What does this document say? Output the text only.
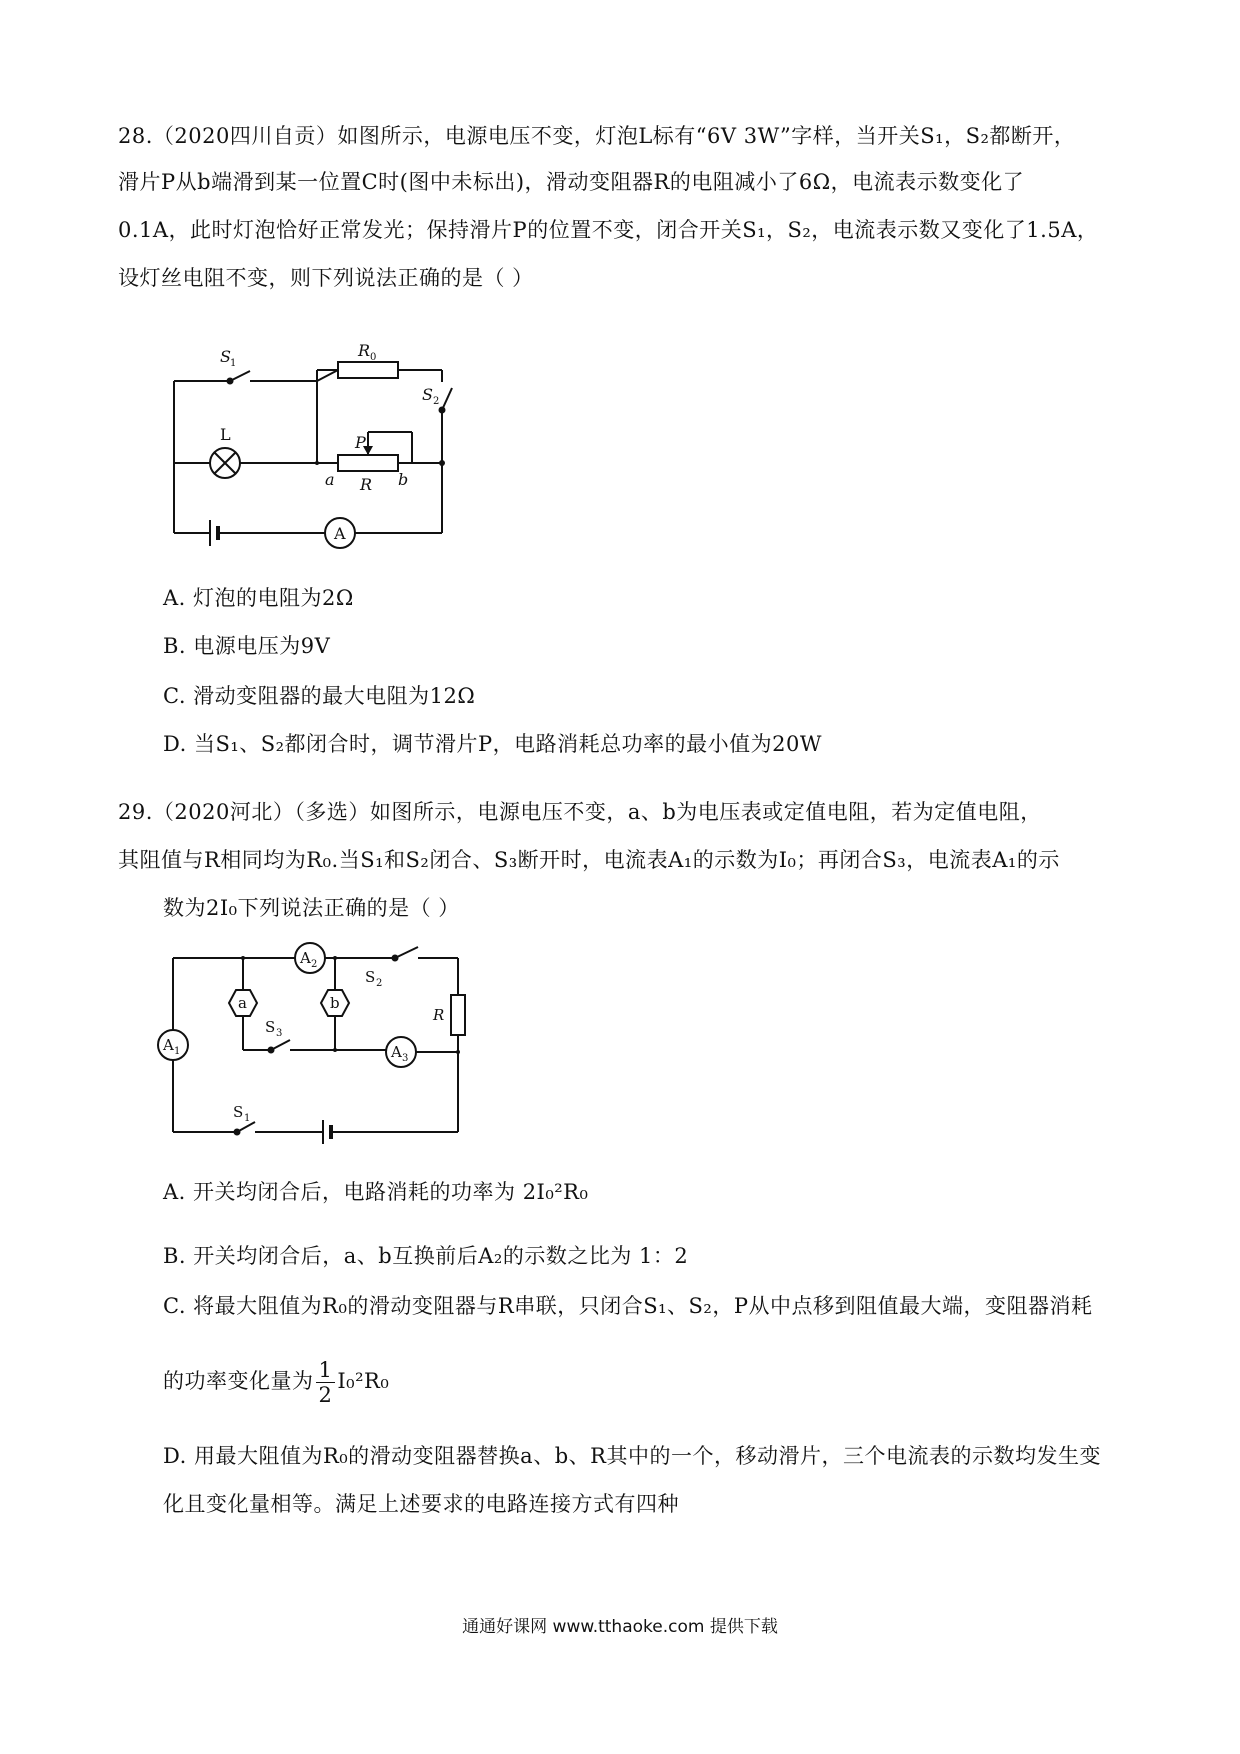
28.（2020四川自贡）如图所示，电源电压不变，灯泡L标有“6V 3W”字样，当开关S₁，S₂都断开，
滑片P从b端滑到某一位置C时(图中未标出)，滑动变阻器R的电阻减小了6Ω，电流表示数变化了
0.1A，此时灯泡恰好正常发光；保持滑片P的位置不变，闭合开关S₁，S₂，电流表示数又变化了1.5A，
设灯丝电阻不变，则下列说法正确的是（ ）
S 1
R 0
S 2
L	P
a R b
A
A. 灯泡的电阻为2Ω
B. 电源电压为9V
C. 滑动变阻器的最大电阻为12Ω
D. 当S₁、S₂都闭合时，调节滑片P，电路消耗总功率的最小值为20W
29.（2020河北）（多选）如图所示，电源电压不变，a、b为电压表或定值电阻，若为定值电阻，
其阻值与R相同均为R₀.当S₁和S₂闭合、S₃断开时，电流表A₁的示数为I₀；再闭合S₃，电流表A₁的示
数为2I₀下列说法正确的是（ ）
A 2
A 1	A 3
a	b
R
S 1
S 2
S 3
A. 开关均闭合后，电路消耗的功率为 2I₀²R₀
B. 开关均闭合后，a、b互换前后A₂的示数之比为 1：2
C. 将最大阻值为R₀的滑动变阻器与R串联，只闭合S₁、S₂，P从中点移到阻值最大端，变阻器消耗
的功率变化量为 $\frac{1}{2} I_0^2R_0$
D. 用最大阻值为R₀的滑动变阻器替换a、b、R其中的一个，移动滑片，三个电流表的示数均发生变
化且变化量相等。满足上述要求的电路连接方式有四种
通通好课网 www.tthaoke.com 提供下载
